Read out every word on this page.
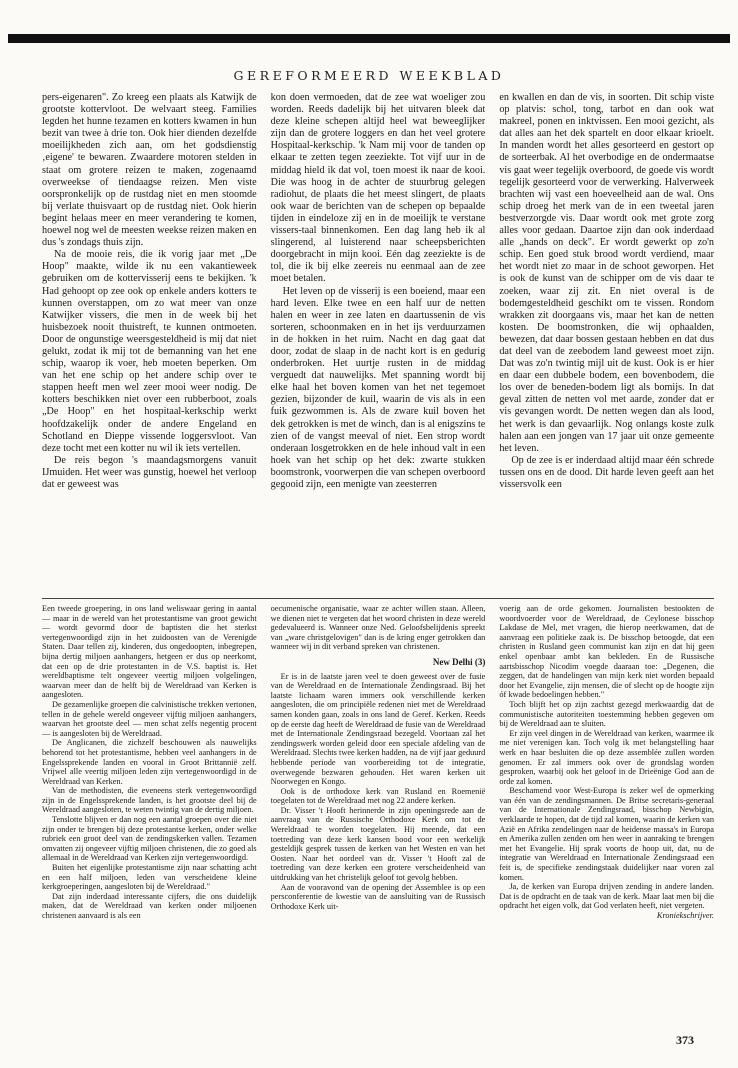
GEREFORMEERD WEEKBLAD

pers-eigenaren". Zo kreeg een plaats als Katwijk de grootste kottervloot. De welvaart steeg. Families legden het hunne tezamen en kotters kwamen in hun bezit van twee à drie ton. Ook hier dienden dezelfde moeilijkheden zich aan, om het godsdienstig ‚eigene' te bewaren. Zwaardere motoren stelden in staat om grotere reizen te maken, zogenaamd overweekse of tiendaagse reizen. Men viste oorspronkelijk op de rustdag niet en men stoomde bij verlate thuisvaart op de rustdag niet. Ook hierin begint helaas meer en meer verandering te komen, hoewel nog wel de meesten weekse reizen maken en dus 's zondags thuis zijn.

Na de mooie reis, die ik vorig jaar met „De Hoop" maakte, wilde ik nu een vakantieweek gebruiken om de kottervisserij eens te bekijken. 'k Had gehoopt op zee ook op enkele anders kotters te kunnen overstappen, om zo wat meer van onze Katwijker vissers, die men in de week bij het huisbezoek nooit thuistreft, te kunnen ontmoeten. Door de ongunstige weersgesteldheid is mij dat niet gelukt, zodat ik mij tot de bemanning van het ene schip, waarop ik voer, heb moeten beperken. Om van het ene schip op het andere schip over te stappen heeft men wel zeer mooi weer nodig. De kotters beschikken niet over een rubberboot, zoals „De Hoop" en het hospitaal-kerkschip werkt hoofdzakelijk onder de andere Engeland en Schotland en Dieppe vissende loggersvloot. Van deze tocht met een kotter nu wil ik iets vertellen.

De reis begon 's maandagsmorgens vanuit IJmuiden. Het weer was gunstig, hoewel het verloop dat er geweest was

kon doen vermoeden, dat de zee wat woeliger zou worden. Reeds dadelijk bij het uitvaren bleek dat deze kleine schepen altijd heel wat beweeglijker zijn dan de grotere loggers en dan het veel grotere Hospitaal-kerkschip. 'k Nam mij voor de tanden op elkaar te zetten tegen zeeziekte. Tot vijf uur in de middag hield ik dat vol, toen moest ik naar de kooi. Die was hoog in de achter de stuurbrug gelegen radiohut, de plaats die het meest slingert, de plaats ook waar de berichten van de schepen op bepaalde tijden in eindeloze zij en in de moeilijk te verstane vissers-taal binnenkomen. Een dag lang heb ik al slingerend, al luisterend naar scheepsberichten doorgebracht in mijn kooi. Eén dag zeeziekte is de tol, die ik bij elke zeereis nu eenmaal aan de zee moet betalen.

Het leven op de visserij is een boeiend, maar een hard leven. Elke twee en een half uur de netten halen en weer in zee laten en daartussenin de vis sorteren, schoonmaken en in het ijs verduurzamen in de hokken in het ruim. Nacht en dag gaat dat door, zodat de slaap in de nacht kort is en gedurig onderbroken. Het uurtje rusten in de middag verguedt dat nauwelijks. Met spanning wordt bij elke haal het boven komen van het net tegemoet gezien, bijzonder de kuil, waarin de vis als in een fuik gezwommen is. Als de zware kuil boven het dek getrokken is met de winch, dan is al enigszins te zien of de vangst meeval of niet. Een strop wordt onderaan losgetrokken en de hele inhoud valt in een hoek van het schip op het dek: zwarte stukken boomstronk, voorwerpen die van schepen overboord gegooid zijn, een menigte van zeesterren

en kwallen en dan de vis, in soorten. Dit schip viste op platvis: schol, tong, tarbot en dan ook wat makreel, ponen en inktvissen. Een mooi gezicht, als dat alles aan het dek spartelt en door elkaar krioelt. In manden wordt het alles gesorteerd en gestort op de sorteerbak. Al het overbodige en de ondermaatse vis gaat weer tegelijk overboord, de goede vis wordt tegelijk gesorteerd voor de verwerking. Halverweek brachten wij vast een hoeveelheid aan de wal. Ons schip droeg het merk van de in een tweetal jaren bestverzorgde vis. Daar wordt ook met grote zorg alles voor gedaan. Daartoe zijn dan ook inderdaad alle „hands on deck". Er wordt gewerkt op zo'n schip. Een goed stuk brood wordt verdiend, maar het wordt niet zo maar in de schoot geworpen. Het is ook de kunst van de schipper om de vis daar te zoeken, waar zij zit. En niet overal is de bodemgesteldheid geschikt om te vissen. Rondom wrakken zit doorgaans vis, maar het kan de netten kosten. De boomstronken, die wij ophaalden, bewezen, dat daar bossen gestaan hebben en dat dus dat deel van de zeebodem land geweest moet zijn. Dat was zo'n twintig mijl uit de kust. Ook is er hier en daar een dubbele bodem, een bovenbodem, die los over de beneden-bodem ligt als bomijs. In dat geval zitten de netten vol met aarde, zonder dat er vis gevangen wordt. De netten wegen dan als lood, het werk is dan gevaarlijk. Nog onlangs koste zulk halen aan een jongen van 17 jaar uit onze gemeente het leven.

Op de zee is er inderdaad altijd maar één schrede tussen ons en de dood. Dit harde leven geeft aan het vissersvolk een

Een tweede groepering, in ons land weliswaar gering in aantal — maar in de wereld van het protestantisme van groot gewicht — wordt gevormd door de baptisten die het sterkst vertegenwoordigd zijn in het zuidoosten van de Verenigde Staten. Daar tellen zij, kinderen, dus ongedoopten, inbegrepen, bijna dertig miljoen aanhangers, hetgeen er dus op neerkomt, dat een op de drie protestanten in de V.S. baptist is. Het wereldbaptisme telt ongeveer veertig miljoen volgelingen, waarvan meer dan de helft bij de Wereldraad van Kerken is aangesloten.

De gezamenlijke groepen die calvinistische trekken vertonen, tellen in de gehele wereld ongeveer vijftig miljoen aanhangers, waarvan het grootste deel — men schat zelfs negentig procent — is aangesloten bij de Wereldraad.

De Anglicanen, die zichzelf beschouwen als nauwelijks behorend tot het protestantisme, hebben veel aanhangers in de Engelssprekende landen en vooral in Groot Brittannië zelf. Vrijwel alle veertig miljoen leden zijn vertegenwoordigd in de Wereldraad van Kerken.

Van de methodisten, die eveneens sterk vertegenwoordigd zijn in de Engelssprekende landen, is het grootste deel bij de Wereldraad aangesloten, te weten twintig van de dertig miljoen.

Tenslotte blijven er dan nog een aantal groepen over die niet zijn onder te brengen bij deze protestantse kerken, onder welke rubriek een groot deel van de zendingskerken vallen. Tezamen omvatten zij ongeveer vijftig miljoen christenen, die zo goed als allemaal in de Wereldraad van Kerken zijn vertegenwoordigd.

Buiten het eigenlijke protestantisme zijn naar schatting acht en een half miljoen, leden van verscheidene kleine kerkgroeperingen, aangesloten bij de Wereldraad."

Dat zijn inderdaad interessante cijfers, die ons duidelijk maken, dat de Wereldraad van kerken onder miljoenen christenen aanvaard is als een

oecumenische organisatie, waar ze achter willen staan. Alleen, we dienen niet te vergeten dat het woord christen in deze wereld gedevalueerd is. Wanneer onze Ned. Geloofsbelijdenis spreekt van „ware christgelovigen" dan is de kring enger getrokken dan wanneer wij in dit verband spreken van christenen.

New Delhi (3)

Er is in de laatste jaren veel te doen geweest over de fusie van de Wereldraad en de Internationale Zendingsraad. Bij het laatste lichaam waren immers ook verschillende kerken aangesloten, die om principiële redenen niet met de Wereldraad samen konden gaan, zoals in ons land de Geref. Kerken. Reeds op de eerste dag heeft de Wereldraad de fusie van de Wereldraad met de Internationale Zendingsraad bezegeld. Voortaan zal het zendingswerk worden geleid door een speciale afdeling van de Wereldraad. Slechts twee kerken hadden, na de vijf jaar geduurd hebbende periode van voorbereiding tot de integratie, overwegende bezwaren gehouden. Het waren kerken uit Noorwegen en Kongo.

Ook is de orthodoxe kerk van Rusland en Roemenië toegelaten tot de Wereldraad met nog 22 andere kerken.

Dr. Visser 't Hooft herinnerde in zijn openingsrede aan de aanvraag van de Russische Orthodoxe Kerk om tot de Wereldraad te worden toegelaten. Hij meende, dat een toetreding van deze kerk kansen bood voor een werkelijk gesteldijk gesprek tussen de kerken van het Westen en van het Oosten. Naar het oordeel van dr. Visser 't Hooft zal de toetreding van deze kerken een grotere verscheidenheid van uitdrukking van het christelijk geloof tot gevolg hebben.

Aan de vooravond van de opening der Assemblee is op een persconferentie de kwestie van de aansluiting van de Russisch Orthodoxe Kerk uit-

voerig aan de orde gekomen. Journalisten bestookten de woordvoerder voor de Wereldraad, de Ceylonese bisschop Lakdase de Mel, met vragen, die hierop neerkwamen, dat de aanvraag een politieke zaak is. De bisschop betoogde, dat een christen in Rusland geen communist kan zijn en dat hij geen enkel openbaar ambt kan bekleden. En de Russische aartsbisschop Nicodim voegde daaraan toe: „Degenen, die zeggen, dat de handelingen van mijn kerk niet worden bepaald door het Evangelie, zijn mensen, die of slecht op de hoogte zijn óf kwade bedoelingen hebben."

Toch blijft het op zijn zachtst gezegd merkwaardig dat de communistische autoriteiten toestemming hebben gegeven om bij de Wereldraad aan te sluiten.

Er zijn veel dingen in de Wereldraad van kerken, waarmee ik me niet verenigen kan. Toch volg ik met belangstelling haar werk en haar besluiten die op deze assemblée zullen worden genomen. Er zal immers ook over de grondslag worden gesproken, waarbij ook het geloof in de Drieënige God aan de orde zal komen.

Beschamend voor West-Europa is zeker wel de opmerking van één van de zendingsmannen. De Britse secretaris-generaal van de Internationale Zendingsraad, bisschop Newbigin, verklaarde te hopen, dat de tijd zal komen, waarin de kerken van Azië en Afrika zendelingen naar de heidense massa's in Europa en Amerika zullen zenden om hen weer in aanraking te brengen met het Evangelie. Hij sprak voorts de hoop uit, dat, nu de integratie van Wereldraad en Internationale Zendingsraad een feit is, de specifieke zendingstaak duidelijker naar voren zal komen.

Ja, de kerken van Europa drijven zending in andere landen. Dat is de opdracht en de taak van de kerk. Maar laat men bij die opdracht het eigen volk, dat God verlaten heeft, niet vergeten.

Kroniekschrijver.

373
